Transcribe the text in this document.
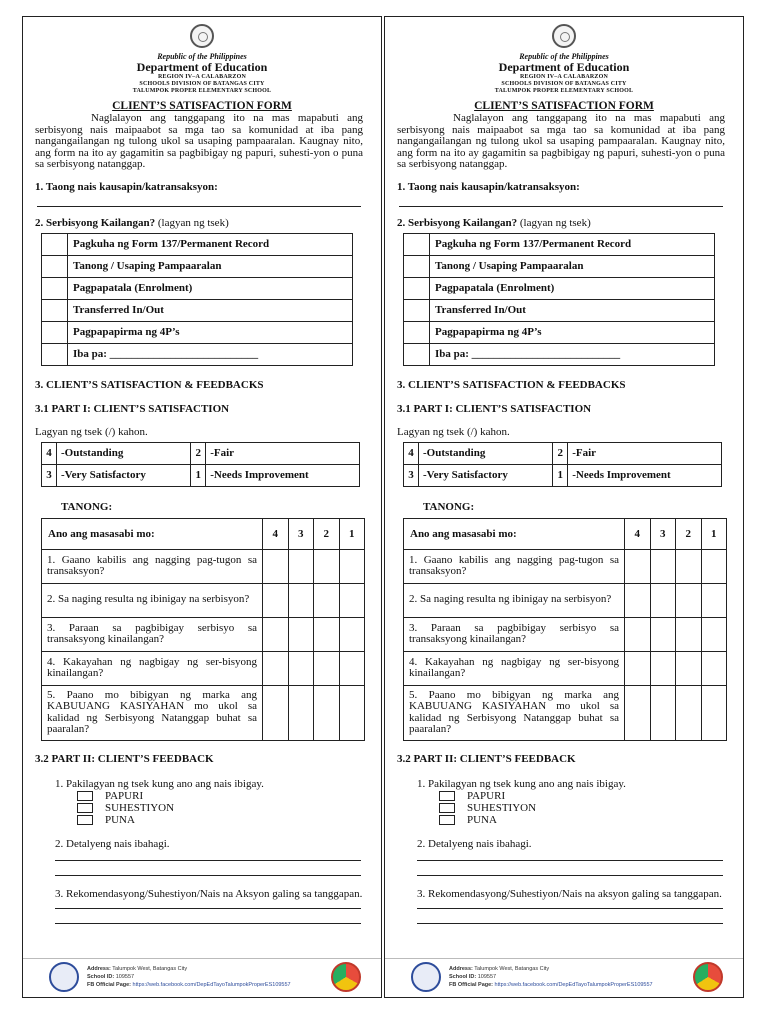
Republic of the Philippines
Department of Education
REGION IV–A CALABARZON
SCHOOLS DIVISION OF BATANGAS CITY
TALUMPOK PROPER ELEMENTARY SCHOOL
CLIENT’S SATISFACTION FORM
Naglalayon ang tanggapang ito na mas mapabuti ang serbisyong nais maipaabot sa mga tao sa komunidad at iba pang nangangailangan ng tulong ukol sa usaping pampaaralan. Kaugnay nito, ang form na ito ay gagamitin sa pagbibigay ng papuri, suhesti-yon o puna sa serbisyong natanggap.
1. Taong nais kausapin/katransaksyon:
2. Serbisyong Kailangan? (lagyan ng tsek)
	Pagkuha ng Form 137/Permanent Record
	Tanong / Usaping Pampaaralan
	Pagpapatala (Enrolment)
	Transferred In/Out
	Pagpapapirma ng 4P’s
	Iba pa: ___________________________
3. CLIENT’S SATISFACTION & FEEDBACKS
3.1 PART I: CLIENT’S SATISFACTION
Lagyan ng tsek (/) kahon.
4	-Outstanding	2	-Fair
3	-Very Satisfactory	1	-Needs Improvement
TANONG:
Ano ang masasabi mo:	4	3	2	1
1. Gaano kabilis ang nagging pag-tugon sa transaksyon?				
2. Sa naging resulta ng ibinigay na serbisyon?				
3. Paraan sa pagbibigay serbisyo sa transaksyong kinailangan?				
4. Kakayahan ng nagbigay ng ser-bisyong kinailangan?				
5. Paano mo bibigyan ng marka ang KABUUANG KASIYAHAN mo ukol sa kalidad ng Serbisyong Natanggap buhat sa paaralan?				
3.2 PART II: CLIENT’S FEEDBACK
1. Pakilagyan ng tsek kung ano ang nais ibigay.
PAPURI
SUHESTIYON
PUNA
2. Detalyeng nais ibahagi.
3. Rekomendasyong/Suhestiyon/Nais na Aksyon galing sa tanggapan.
Address: Talumpok West, Batangas City
School ID: 109557
FB Official Page: https://web.facebook.com/DepEdTayoTalumpokProperES109557
Republic of the Philippines
Department of Education
REGION IV–A CALABARZON
SCHOOLS DIVISION OF BATANGAS CITY
TALUMPOK PROPER ELEMENTARY SCHOOL
CLIENT’S SATISFACTION FORM
Naglalayon ang tanggapang ito na mas mapabuti ang serbisyong nais maipaabot sa mga tao sa komunidad at iba pang nangangailangan ng tulong ukol sa usaping pampaaralan. Kaugnay nito, ang form na ito ay gagamitin sa pagbibigay ng papuri, suhesti-yon o puna sa serbisyong natanggap.
1. Taong nais kausapin/katransaksyon:
2. Serbisyong Kailangan? (lagyan ng tsek)
	Pagkuha ng Form 137/Permanent Record
	Tanong / Usaping Pampaaralan
	Pagpapatala (Enrolment)
	Transferred In/Out
	Pagpapapirma ng 4P’s
	Iba pa: ___________________________
3. CLIENT’S SATISFACTION & FEEDBACKS
3.1 PART I: CLIENT’S SATISFACTION
Lagyan ng tsek (/) kahon.
4	-Outstanding	2	-Fair
3	-Very Satisfactory	1	-Needs Improvement
TANONG:
Ano ang masasabi mo:	4	3	2	1
1. Gaano kabilis ang nagging pag-tugon sa transaksyon?				
2. Sa naging resulta ng ibinigay na serbisyon?				
3. Paraan sa pagbibigay serbisyo sa transaksyong kinailangan?				
4. Kakayahan ng nagbigay ng ser-bisyong kinailangan?				
5. Paano mo bibigyan ng marka ang KABUUANG KASIYAHAN mo ukol sa kalidad ng Serbisyong Natanggap buhat sa paaralan?				
3.2 PART II: CLIENT’S FEEDBACK
1. Pakilagyan ng tsek kung ano ang nais ibigay.
PAPURI
SUHESTIYON
PUNA
2. Detalyeng nais ibahagi.
3. Rekomendasyong/Suhestiyon/Nais na aksyon galing sa tanggapan.
Address: Talumpok West, Batangas City
School ID: 109557
FB Official Page: https://web.facebook.com/DepEdTayoTalumpokProperES109557
